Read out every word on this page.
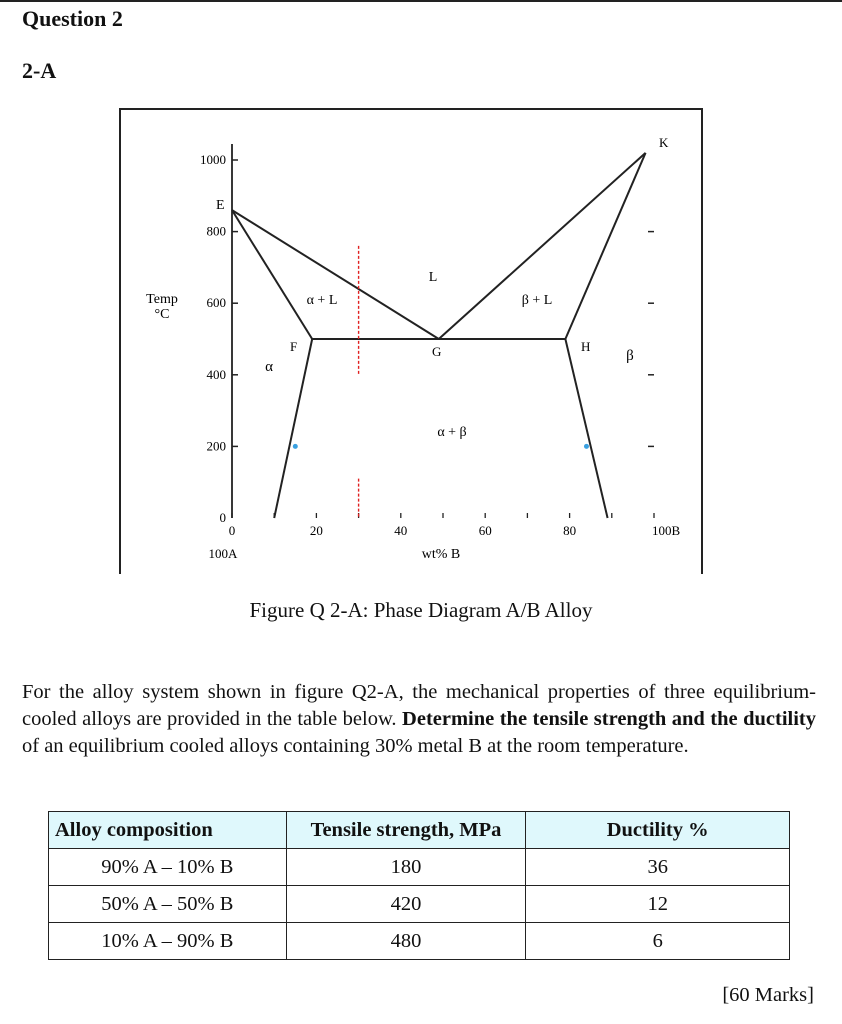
Question 2
2-A
1000
800
600
400
200
0
0	20	40	60	80	100B
Temp
°C
wt% B
100A
E
F	G	H
K
L
α + L	β + L
α
β
α + β
Figure Q 2-A: Phase Diagram A/B Alloy
For the alloy system shown in figure Q2-A, the mechanical properties of three equilibrium-cooled alloys are provided in the table below. Determine the tensile strength and the ductility of an equilibrium cooled alloys containing 30% metal B at the room temperature.
Alloy composition	Tensile strength, MPa	Ductility %
90% A – 10% B	180	36
50% A – 50% B	420	12
10% A – 90% B	480	6
[60 Marks]
